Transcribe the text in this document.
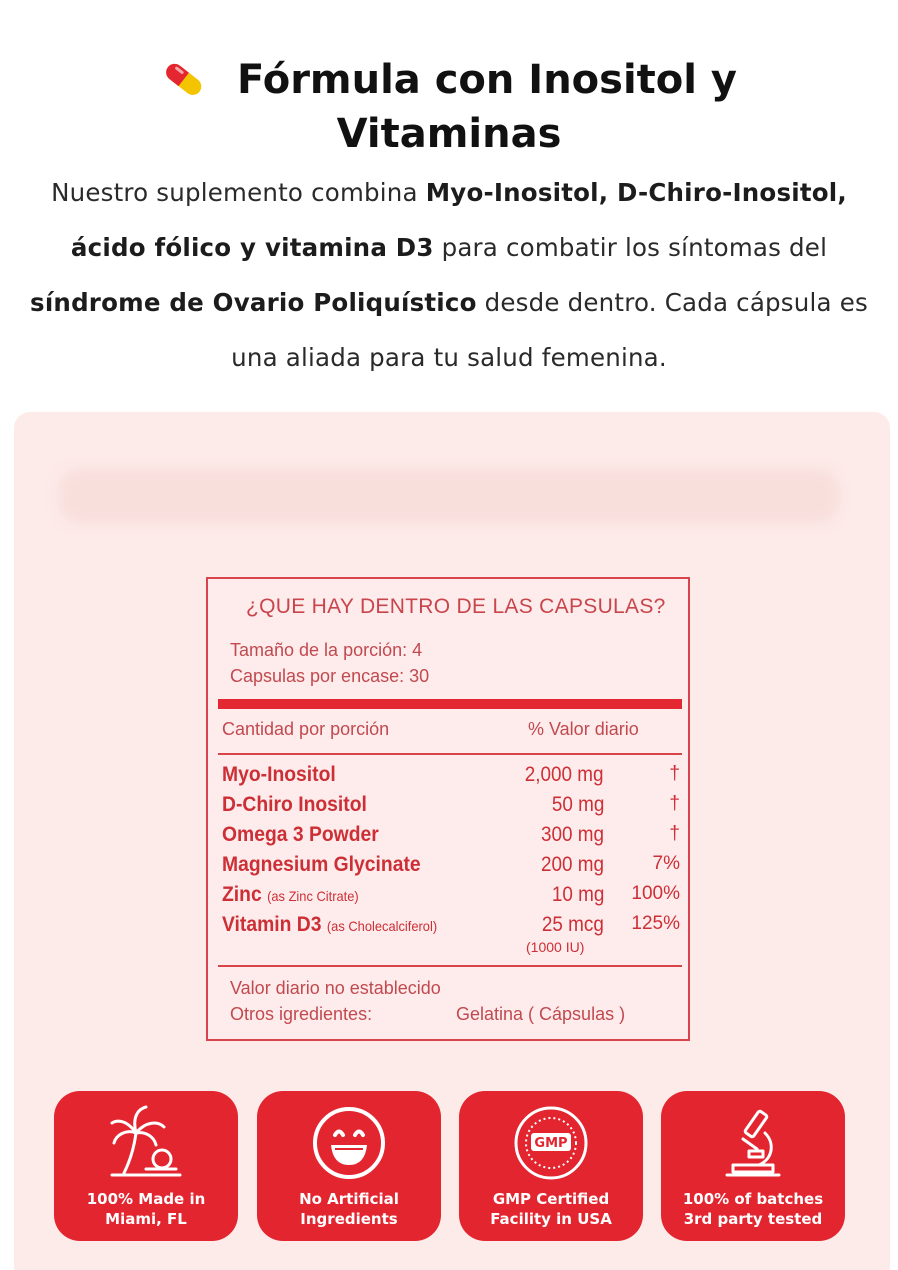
Fórmula con Inositol y
Vitaminas

Nuestro suplemento combina Myo-Inositol, D-Chiro-Inositol, ácido fólico y vitamina D3 para combatir los síntomas del síndrome de Ovario Poliquístico desde dentro. Cada cápsula es una aliada para tu salud femenina.

¿QUE HAY DENTRO DE LAS CAPSULAS?
Tamaño de la porción: 4
Capsulas por encase: 30
Cantidad por porción	% Valor diario
Myo-Inositol	2,000 mg	†
D-Chiro Inositol	50 mg	†
Omega 3 Powder	300 mg	†
Magnesium Glycinate	200 mg	7%
Zinc (as Zinc Citrate)	10 mg 100%
Vitamin D3 (as Cholecalciferol)	25 mcg 125%
(1000 IU)
Valor diario no establecido
Otros igredientes:	Gelatina ( Cápsulas )
100% Made in
Miami, FL
No Artificial
Ingredients
GMP
GMP Certified
Facility in USA
100% of batches
3rd party tested
